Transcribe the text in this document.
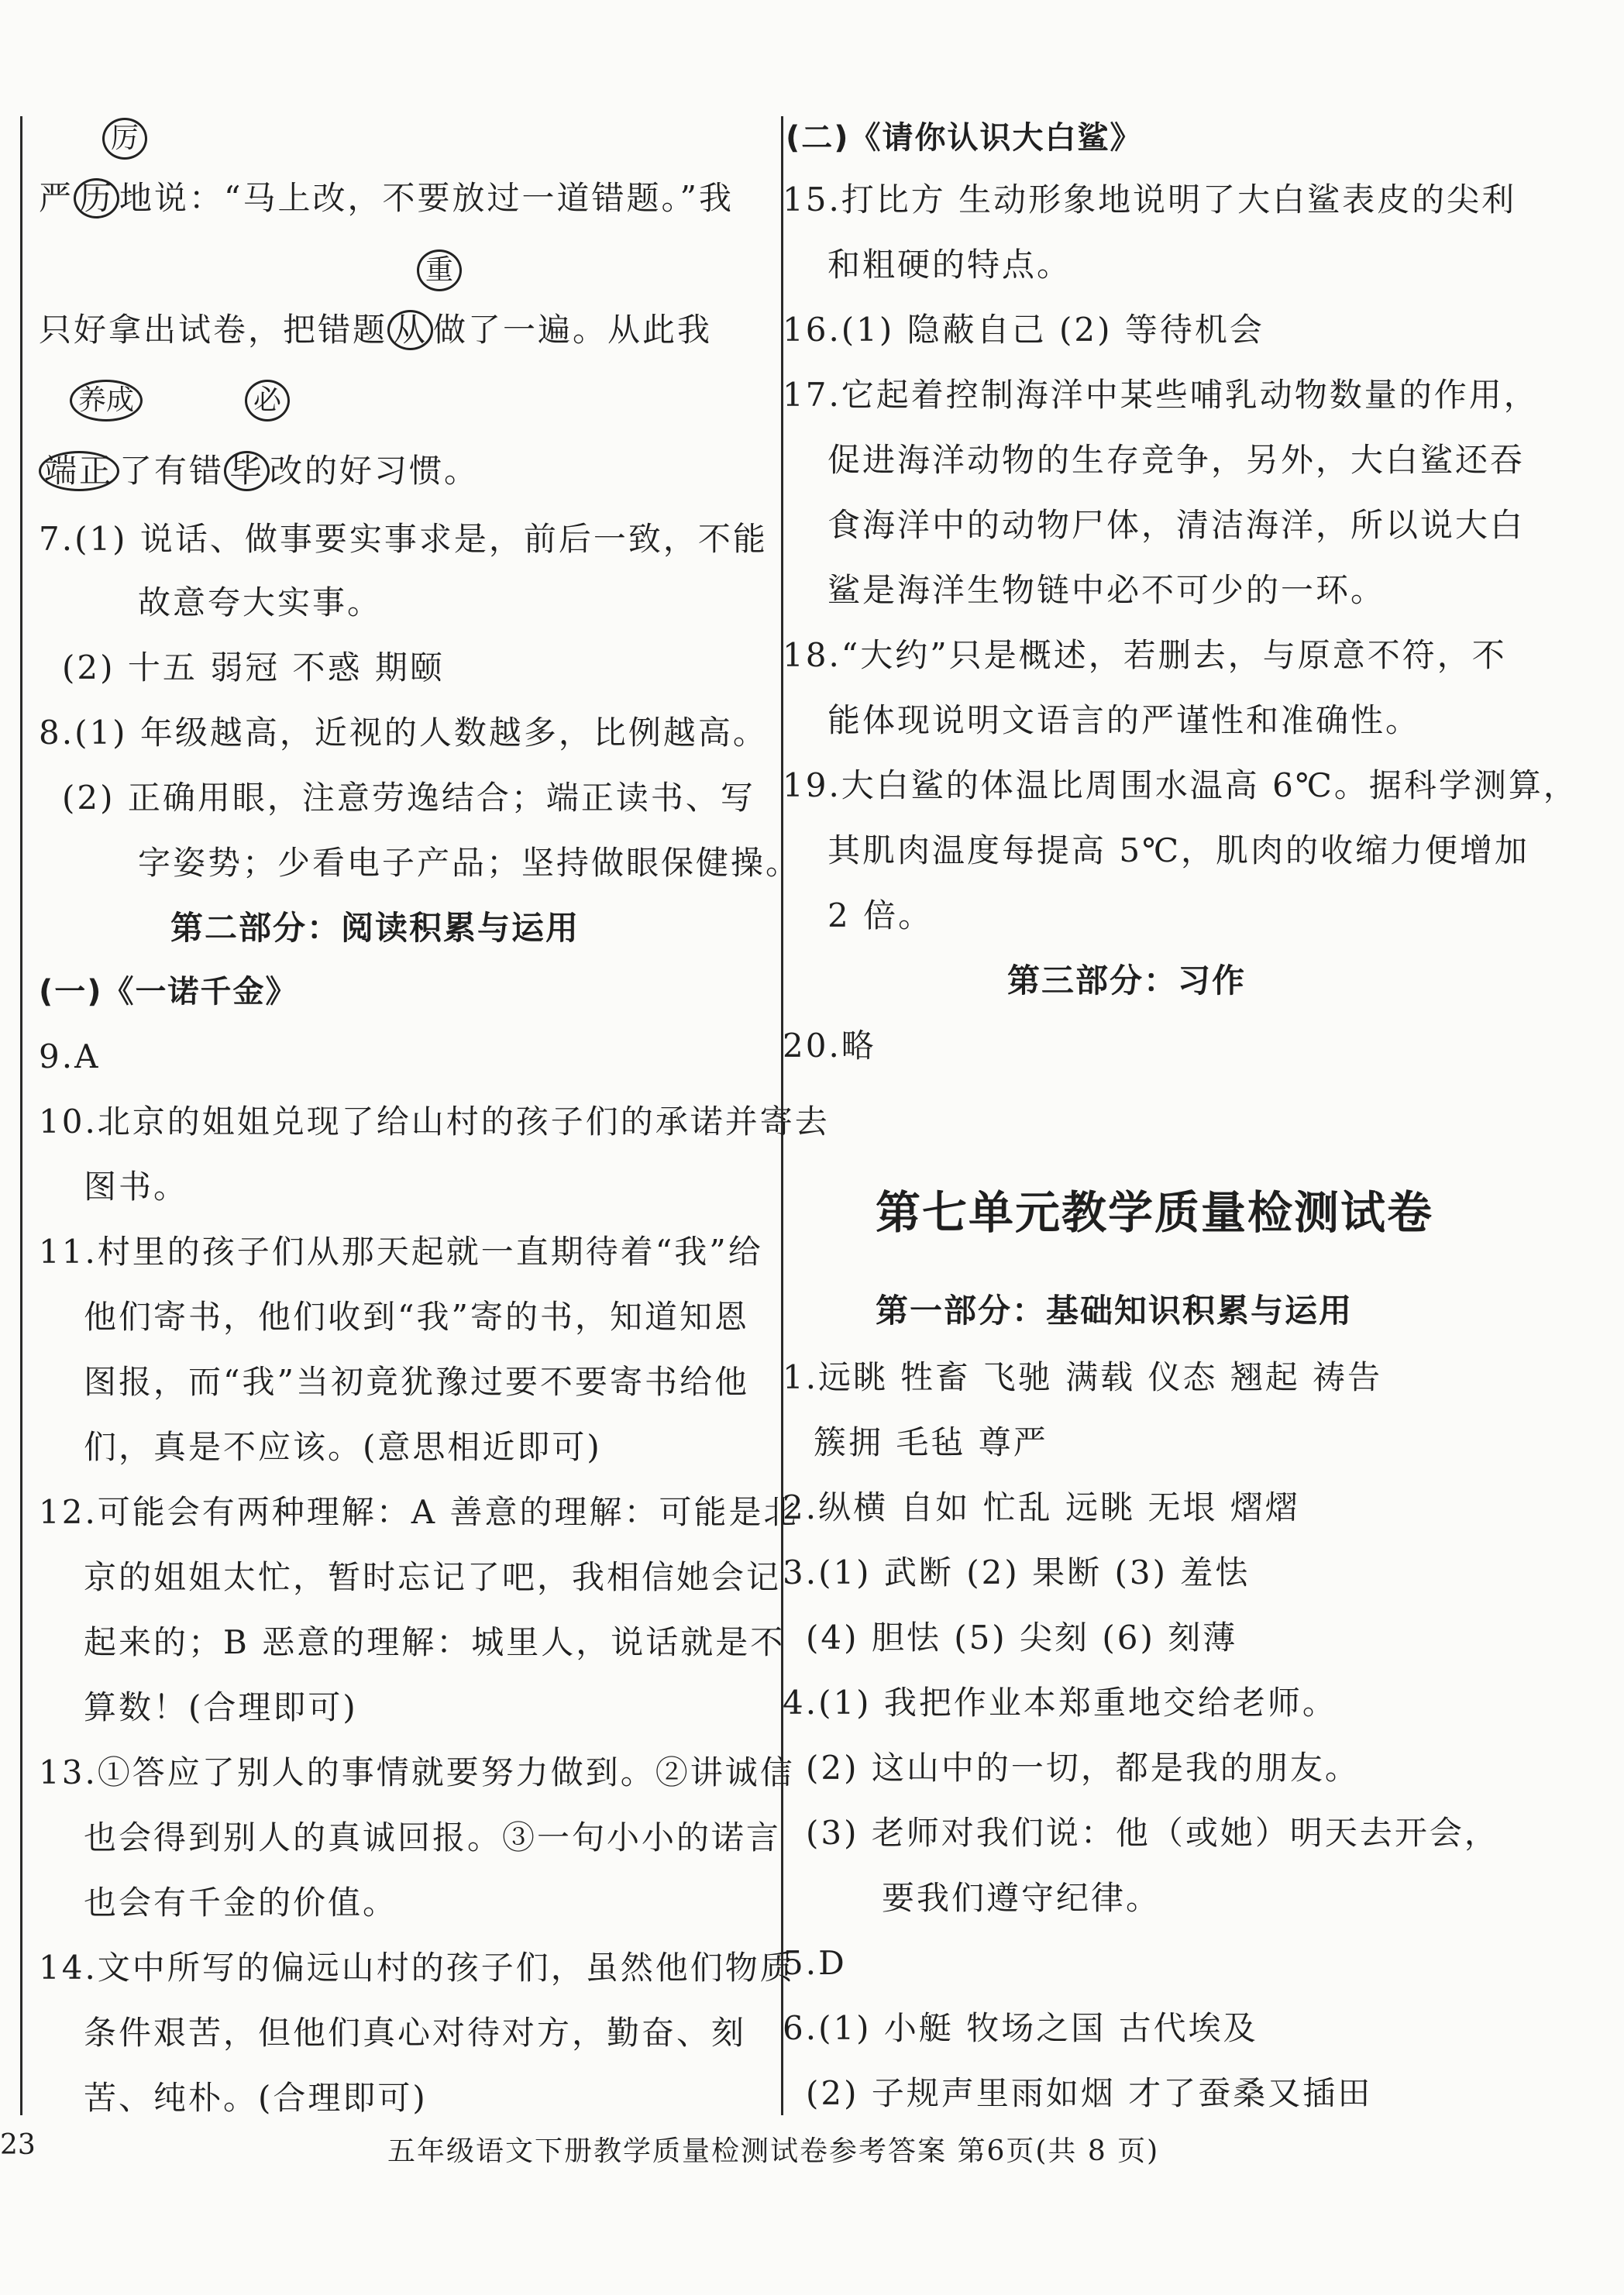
厉
严 历 地说：“马上改，不要放过一道错题。”我
重
只好拿出试卷，把错题 从 做了一遍。从此我
养成	必
端正 了有错 毕 改的好习惯。
7.(1) 说话、做事要实事求是，前后一致，不能
故意夸大实事。
(2) 十五 弱冠 不惑 期颐
8.(1) 年级越高，近视的人数越多，比例越高。
(2) 正确用眼，注意劳逸结合；端正读书、写
字姿势；少看电子产品；坚持做眼保健操。
第二部分：阅读积累与运用
(一)《一诺千金》
9.A
10.北京的姐姐兑现了给山村的孩子们的承诺并寄去
图书。
11.村里的孩子们从那天起就一直期待着“我”给
他们寄书，他们收到“我”寄的书，知道知恩
图报，而“我”当初竟犹豫过要不要寄书给他
们，真是不应该。(意思相近即可)
12.可能会有两种理解：A 善意的理解：可能是北
京的姐姐太忙，暂时忘记了吧，我相信她会记
起来的；B 恶意的理解：城里人，说话就是不
算数！(合理即可)
13.①答应了别人的事情就要努力做到。②讲诚信
也会得到别人的真诚回报。③一句小小的诺言
也会有千金的价值。
14.文中所写的偏远山村的孩子们，虽然他们物质
条件艰苦，但他们真心对待对方，勤奋、刻
苦、纯朴。(合理即可)
(二)《请你认识大白鲨》
15.打比方 生动形象地说明了大白鲨表皮的尖利
和粗硬的特点。
16.(1) 隐蔽自己 (2) 等待机会
17.它起着控制海洋中某些哺乳动物数量的作用，
促进海洋动物的生存竞争，另外，大白鲨还吞
食海洋中的动物尸体，清洁海洋，所以说大白
鲨是海洋生物链中必不可少的一环。
18.“大约”只是概述，若删去，与原意不符，不
能体现说明文语言的严谨性和准确性。
19.大白鲨的体温比周围水温高 6℃。据科学测算，
其肌肉温度每提高 5℃，肌肉的收缩力便增加
2 倍。
第三部分：习作
20.略
第七单元教学质量检测试卷
第一部分：基础知识积累与运用
1.远眺 牲畜 飞驰 满载 仪态 翘起 祷告
簇拥 毛毡 尊严
2.纵横 自如 忙乱 远眺 无垠 熠熠
3.(1) 武断 (2) 果断 (3) 羞怯
(4) 胆怯 (5) 尖刻 (6) 刻薄
4.(1) 我把作业本郑重地交给老师。
(2) 这山中的一切，都是我的朋友。
(3) 老师对我们说：他（或她）明天去开会，
要我们遵守纪律。
5.D
6.(1) 小艇 牧场之国 古代埃及
(2) 子规声里雨如烟 才了蚕桑又插田
23	五年级语文下册教学质量检测试卷参考答案 第6页(共 8 页)
